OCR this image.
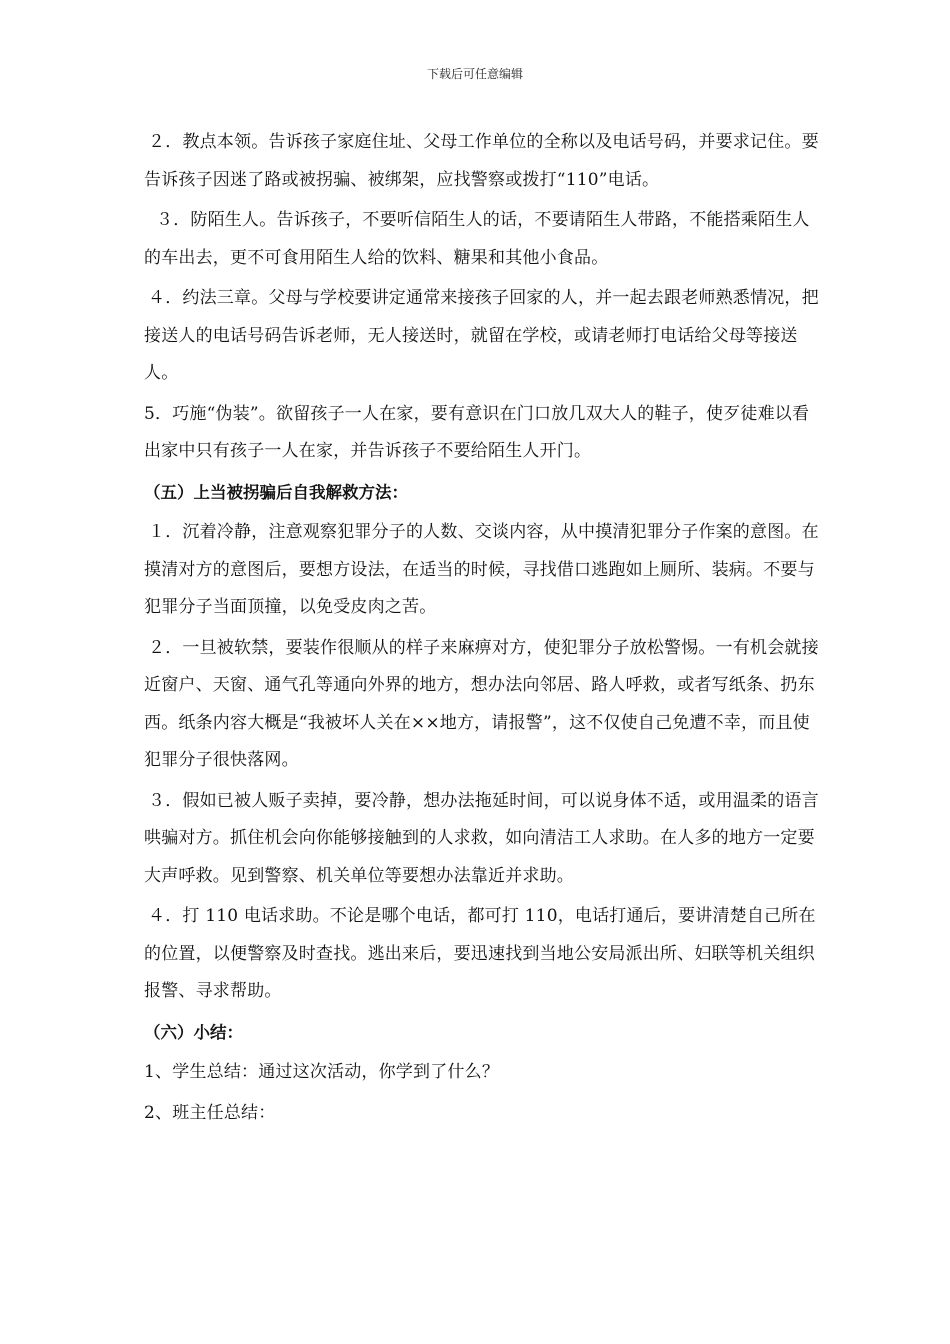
下载后可任意编辑

２．教点本领。告诉孩子家庭住址、父母工作单位的全称以及电话号码，并要求记住。要告诉孩子因迷了路或被拐骗、被绑架，应找警察或拨打“110”电话。

３．防陌生人。告诉孩子，不要听信陌生人的话，不要请陌生人带路，不能搭乘陌生人的车出去，更不可食用陌生人给的饮料、糖果和其他小食品。

４．约法三章。父母与学校要讲定通常来接孩子回家的人，并一起去跟老师熟悉情况，把接送人的电话号码告诉老师，无人接送时，就留在学校，或请老师打电话给父母等接送人。

5．巧施“伪装”。欲留孩子一人在家，要有意识在门口放几双大人的鞋子，使歹徒难以看出家中只有孩子一人在家，并告诉孩子不要给陌生人开门。

（五）上当被拐骗后自我解救方法：

１．沉着冷静，注意观察犯罪分子的人数、交谈内容，从中摸清犯罪分子作案的意图。在摸清对方的意图后，要想方设法，在适当的时候，寻找借口逃跑如上厕所、装病。不要与犯罪分子当面顶撞，以免受皮肉之苦。

２．一旦被软禁，要装作很顺从的样子来麻痹对方，使犯罪分子放松警惕。一有机会就接近窗户、天窗、通气孔等通向外界的地方，想办法向邻居、路人呼救，或者写纸条、扔东西。纸条内容大概是“我被坏人关在××地方，请报警”，这不仅使自己免遭不幸，而且使犯罪分子很快落网。

３．假如已被人贩子卖掉，要冷静，想办法拖延时间，可以说身体不适，或用温柔的语言哄骗对方。抓住机会向你能够接触到的人求救，如向清洁工人求助。在人多的地方一定要大声呼救。见到警察、机关单位等要想办法靠近并求助。

４．打 110 电话求助。不论是哪个电话，都可打 110，电话打通后，要讲清楚自己所在的位置，以便警察及时查找。逃出来后，要迅速找到当地公安局派出所、妇联等机关组织报警、寻求帮助。

（六）小结：

1、学生总结：通过这次活动，你学到了什么？

2、班主任总结：
